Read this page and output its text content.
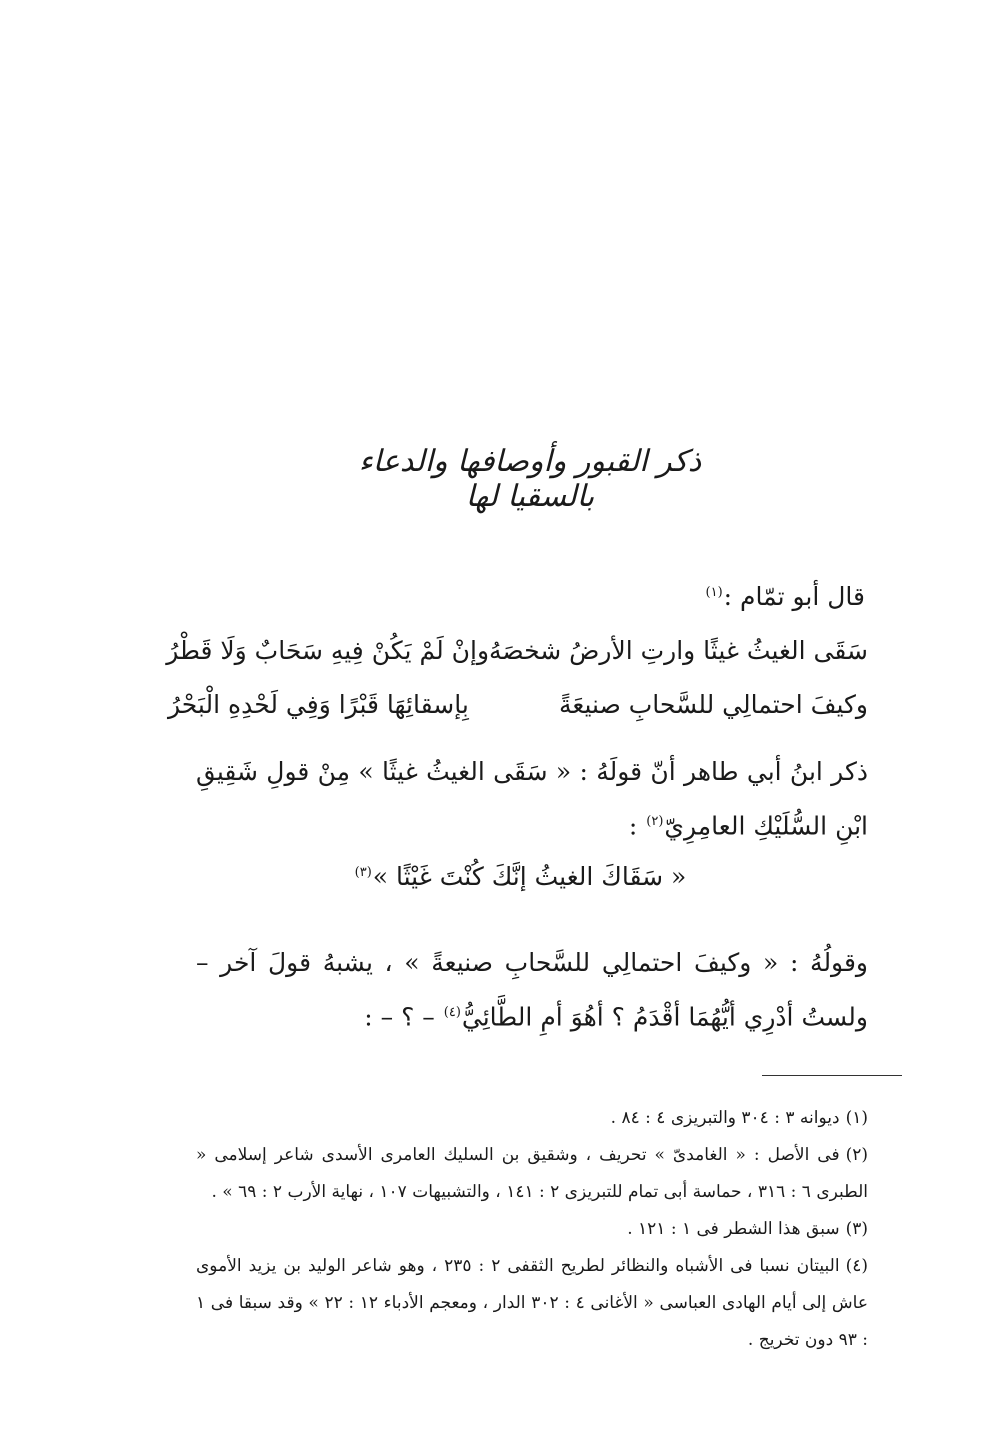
ذكر القبور وأوصافها والدعاء بالسقيا لها
قال أبو تمّام :$^{(١)}$
سَقَى الغيثُ غيثًا وارتِ الأرضُ شخصَهُ
وإنْ لَمْ يَكُنْ فِيهِ سَحَابٌ وَلَا قَطْرُ
وكيفَ احتمالِي للسَّحابِ صنيعَةً
بِإسقائِهَا قَبْرًا وَفِي لَحْدِهِ الْبَحْرُ
ذكر ابنُ أبي طاهر أنّ قولَهُ : « سَقَى الغيثُ غيثًا » مِنْ قولِ شَقِيقِ ابْنِ السُّلَيْكِ العامِرِيّ$^{(٢)}$ :
« سَقَاكَ الغيثُ إنَّكَ كُنْتَ غَيْثًا »$^{(٣)}$
وقولُهُ : « وكيفَ احتمالِي للسَّحابِ صنيعةً » ، يشبهُ قولَ آخر – ولستُ أدْرِي أيُّهُمَا أقْدَمُ ؟ أهُوَ أمِ الطَّائِيُّ$^{(٤)}$ – ؟ – :
(١)ديوانه ٣ : ٣٠٤ والتبريزى ٤ : ٨٤ .
(٢)فى الأصل : « الغامدىّ » تحريف ، وشقيق بن السليك العامرى الأسدى شاعر إسلامى « الطبرى ٦ : ٣١٦ ، حماسة أبى تمام للتبريزى ٢ : ١٤١ ، والتشبيهات ١٠٧ ، نهاية الأرب ٢ : ٦٩ » .
(٣)سبق هذا الشطر فى ١ : ١٢١ .
(٤)البيتان نسبا فى الأشباه والنظائر لطريح الثقفى ٢ : ٢٣٥ ، وهو شاعر الوليد بن يزيد الأموى عاش إلى أيام الهادى العباسى « الأغانى ٤ : ٣٠٢ الدار ، ومعجم الأدباء ١٢ : ٢٢ » وقد سبقا فى ١ : ٩٣ دون تخريج .
